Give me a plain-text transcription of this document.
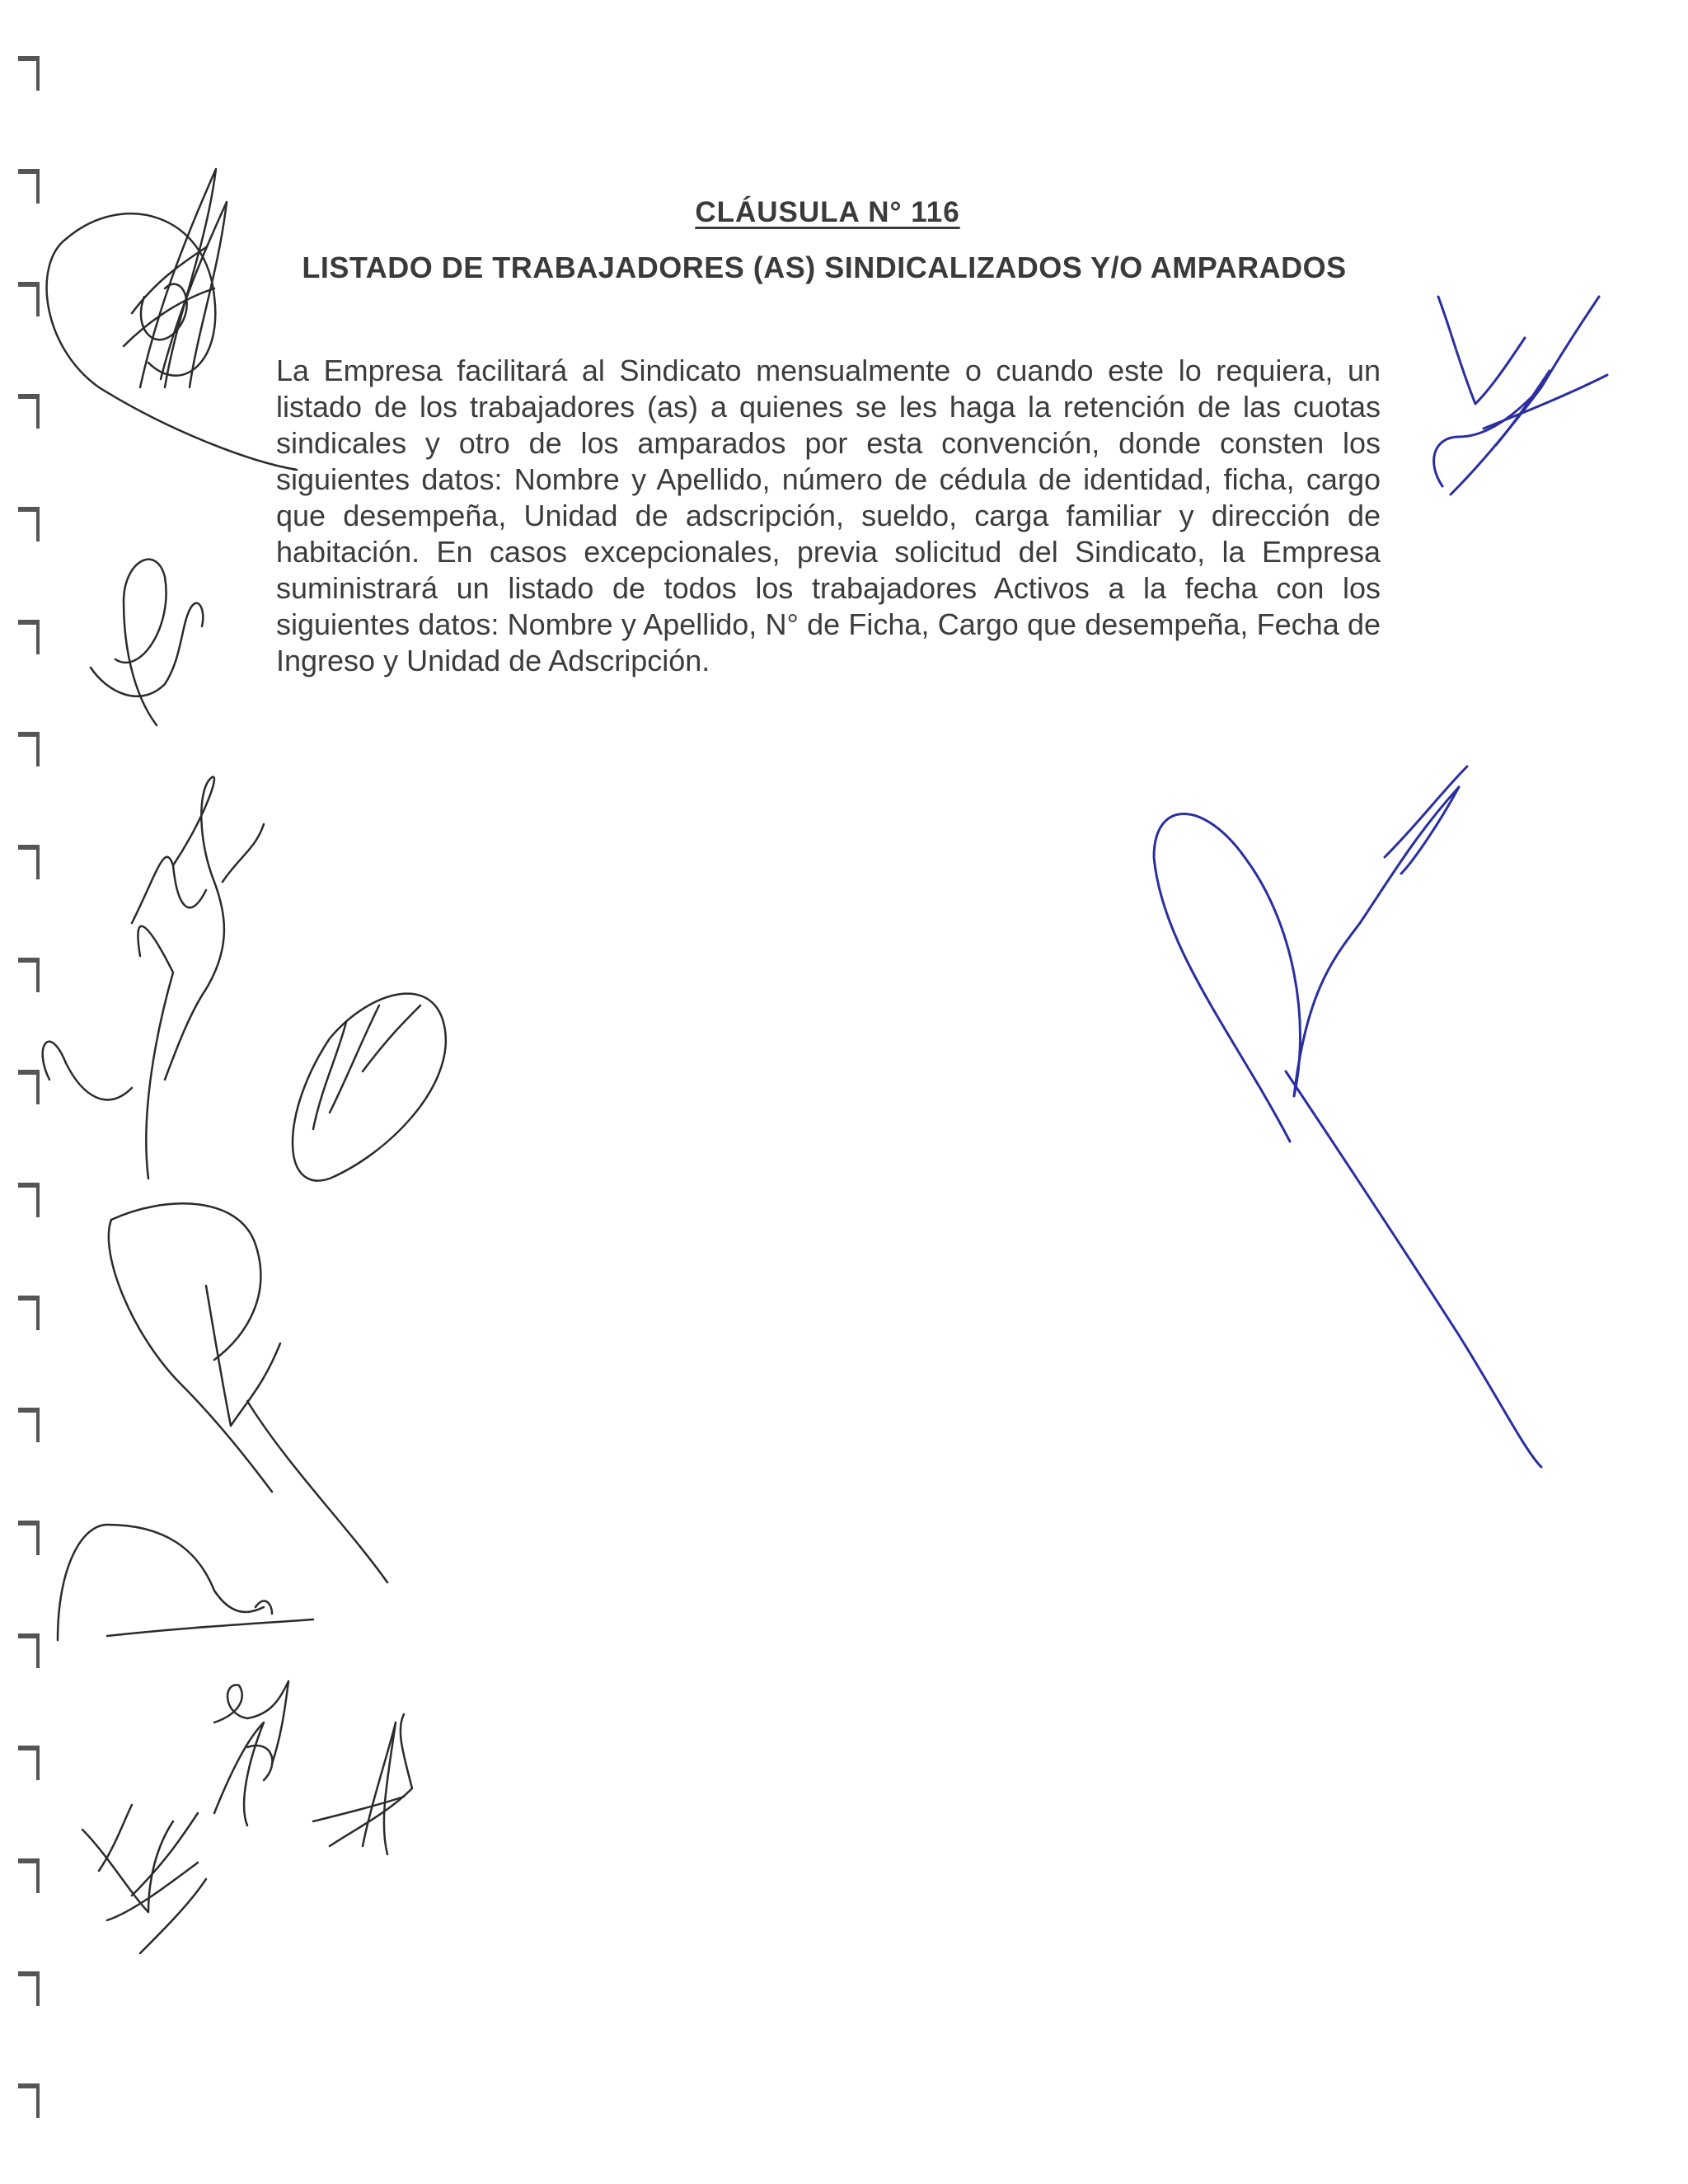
CLÁUSULA N° 116
LISTADO DE TRABAJADORES (AS) SINDICALIZADOS Y/O AMPARADOS
La Empresa facilitará al Sindicato mensualmente o cuando este lo requiera, un listado de los trabajadores (as) a quienes se les haga la retención de las cuotas sindicales y otro de los amparados por esta convención, donde consten los siguientes datos: Nombre y Apellido, número de cédula de identidad, ficha, cargo que desempeña, Unidad de adscripción, sueldo, carga familiar y dirección de habitación. En casos excepcionales, previa solicitud del Sindicato, la Empresa suministrará un listado de todos los trabajadores Activos a la fecha con los siguientes datos: Nombre y Apellido, N° de Ficha, Cargo que desempeña, Fecha de Ingreso y Unidad de Adscripción.
